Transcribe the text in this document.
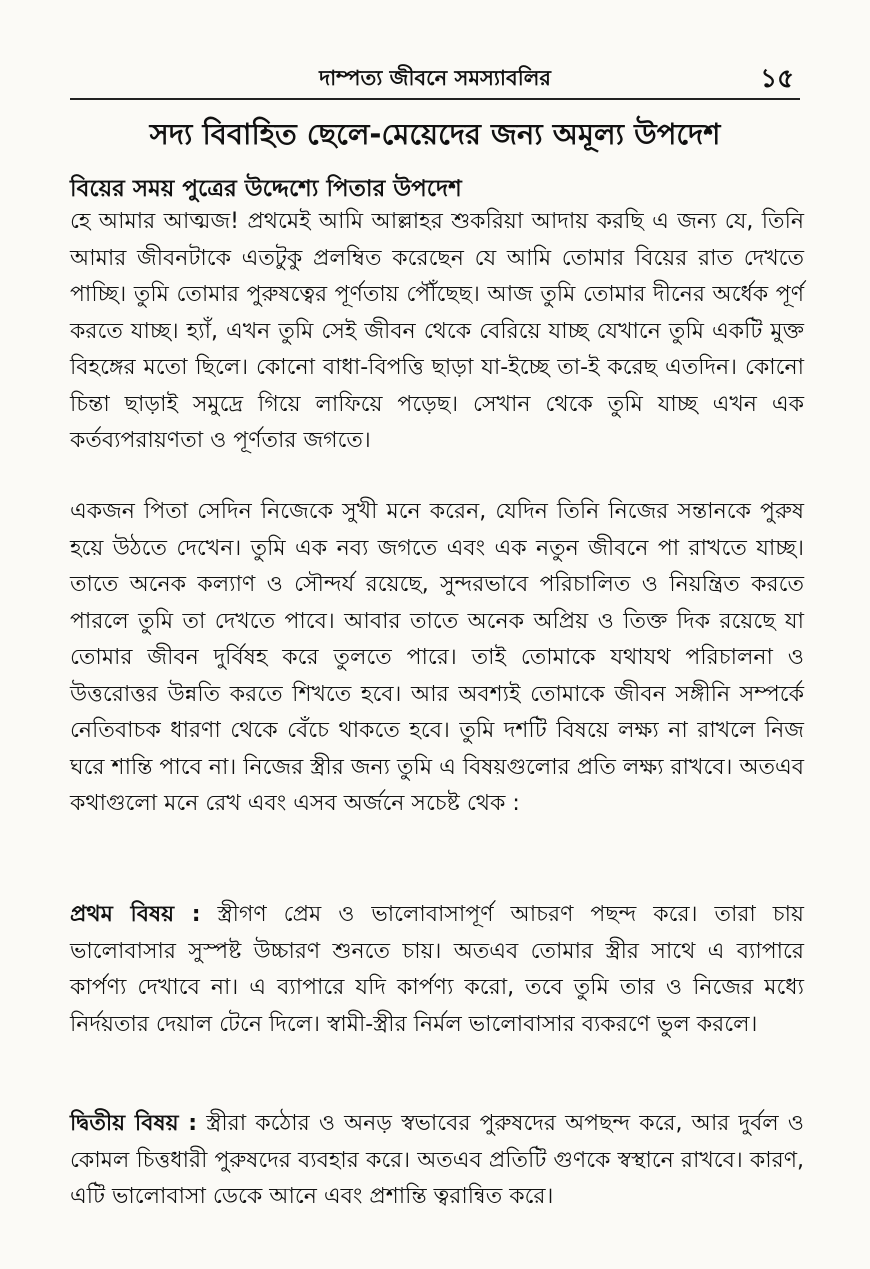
দাম্পত্য জীবনে সমস্যাবলির	১৫
সদ্য বিবাহিত ছেলে-মেয়েদের জন্য অমূল্য উপদেশ
বিয়ের সময় পুত্রের উদ্দেশ্যে পিতার উপদেশ

হে আমার আত্মজ! প্রথমেই আমি আল্লাহর শুকরিয়া আদায় করছি এ জন্য যে, তিনি আমার জীবনটাকে এতটুকু প্রলম্বিত করেছেন যে আমি তোমার বিয়ের রাত দেখতে পাচ্ছি। তুমি তোমার পুরুষত্বের পূর্ণতায় পৌঁছেছ। আজ তুমি তোমার দীনের অর্ধেক পূর্ণ করতে যাচ্ছ। হ্যাঁ, এখন তুমি সেই জীবন থেকে বেরিয়ে যাচ্ছ যেখানে তুমি একটি মুক্ত বিহঙ্গের মতো ছিলে। কোনো বাধা-বিপত্তি ছাড়া যা-ইচ্ছে তা-ই করেছ এতদিন। কোনো চিন্তা ছাড়াই সমুদ্রে গিয়ে লাফিয়ে পড়েছ। সেখান থেকে তুমি যাচ্ছ এখন এক কর্তব্যপরায়ণতা ও পূর্ণতার জগতে।

একজন পিতা সেদিন নিজেকে সুখী মনে করেন, যেদিন তিনি নিজের সন্তানকে পুরুষ হয়ে উঠতে দেখেন। তুমি এক নব্য জগতে এবং এক নতুন জীবনে পা রাখতে যাচ্ছ। তাতে অনেক কল্যাণ ও সৌন্দর্য রয়েছে, সুন্দরভাবে পরিচালিত ও নিয়ন্ত্রিত করতে পারলে তুমি তা দেখতে পাবে। আবার তাতে অনেক অপ্রিয় ও তিক্ত দিক রয়েছে যা তোমার জীবন দুর্বিষহ করে তুলতে পারে। তাই তোমাকে যথাযথ পরিচালনা ও উত্তরোত্তর উন্নতি করতে শিখতে হবে। আর অবশ্যই তোমাকে জীবন সঙ্গীনি সম্পর্কে নেতিবাচক ধারণা থেকে বেঁচে থাকতে হবে। তুমি দশটি বিষয়ে লক্ষ্য না রাখলে নিজ ঘরে শান্তি পাবে না। নিজের স্ত্রীর জন্য তুমি এ বিষয়গুলোর প্রতি লক্ষ্য রাখবে। অতএব কথাগুলো মনে রেখ এবং এসব অর্জনে সচেষ্ট থেক :

প্রথম বিষয় : স্ত্রীগণ প্রেম ও ভালোবাসাপূর্ণ আচরণ পছন্দ করে। তারা চায় ভালোবাসার সুস্পষ্ট উচ্চারণ শুনতে চায়। অতএব তোমার স্ত্রীর সাথে এ ব্যাপারে কার্পণ্য দেখাবে না। এ ব্যাপারে যদি কার্পণ্য করো, তবে তুমি তার ও নিজের মধ্যে নির্দয়তার দেয়াল টেনে দিলে। স্বামী-স্ত্রীর নির্মল ভালোবাসার ব্যকরণে ভুল করলে।

দ্বিতীয় বিষয় : স্ত্রীরা কঠোর ও অনড় স্বভাবের পুরুষদের অপছন্দ করে, আর দুর্বল ও কোমল চিত্তধারী পুরুষদের ব্যবহার করে। অতএব প্রতিটি গুণকে স্বস্থানে রাখবে। কারণ, এটি ভালোবাসা ডেকে আনে এবং প্রশান্তি ত্বরান্বিত করে।
